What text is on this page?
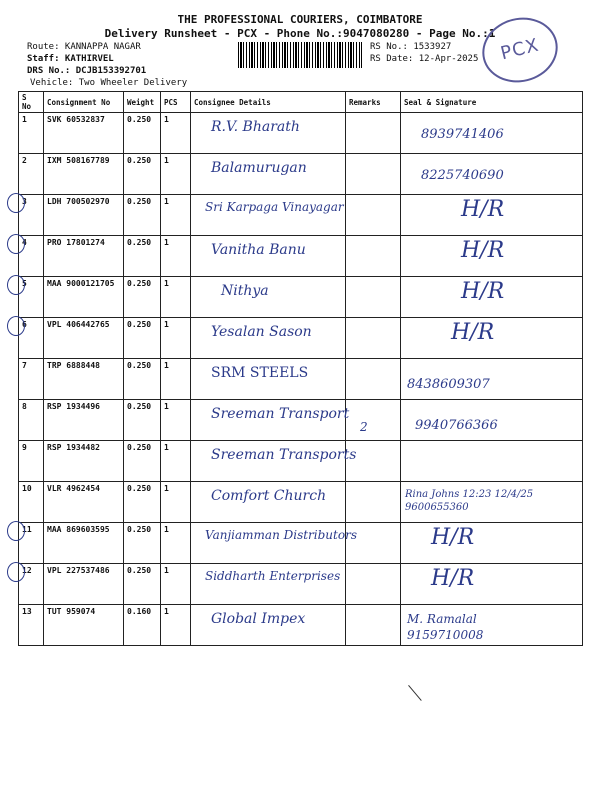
THE PROFESSIONAL COURIERS, COIMBATORE
Delivery Runsheet - PCX - Phone No.:9047080280 - Page No.:1
Route: KANNAPPA NAGAR
Staff: KATHIRVEL
DRS No.: DCJB153392701
Vehicle: Two Wheeler Delivery
RS No.: 1533927
RS Date: 12-Apr-2025	PCX
S No	Consignment No	Weight	PCS	Consignee Details	Remarks	Seal & Signature
1	SVK 60532837	0.250	1	R.V. Bharath		8939741406

2	IXM 508167789	0.250	1	Balamurugan		8225740690

3	LDH 700502970	0.250	1	Sri Karpaga Vinayagar		H/R

4	PRO 17801274	0.250	1	Vanitha Banu		H/R

5	MAA 9000121705	0.250	1	Nithya		H/R

6	VPL 406442765	0.250	1	Yesalan Sason		H/R

7	TRP 6888448	0.250	1	SRM STEELS		8438609307

8	RSP 1934496	0.250	1	Sreeman Transport	2	9940766366

9	RSP 1934482	0.250	1	Sreeman Transports		

10	VLR 4962454	0.250	1	Comfort Church		Rina Johns 12:23 12/4/25 9600655360

11	MAA 869603595	0.250	1	Vanjiamman Distributors		H/R

12	VPL 227537486	0.250	1	Siddharth Enterprises		H/R

13	TUT 959074	0.160	1	Global Impex		M. Ramalal 9159710008
